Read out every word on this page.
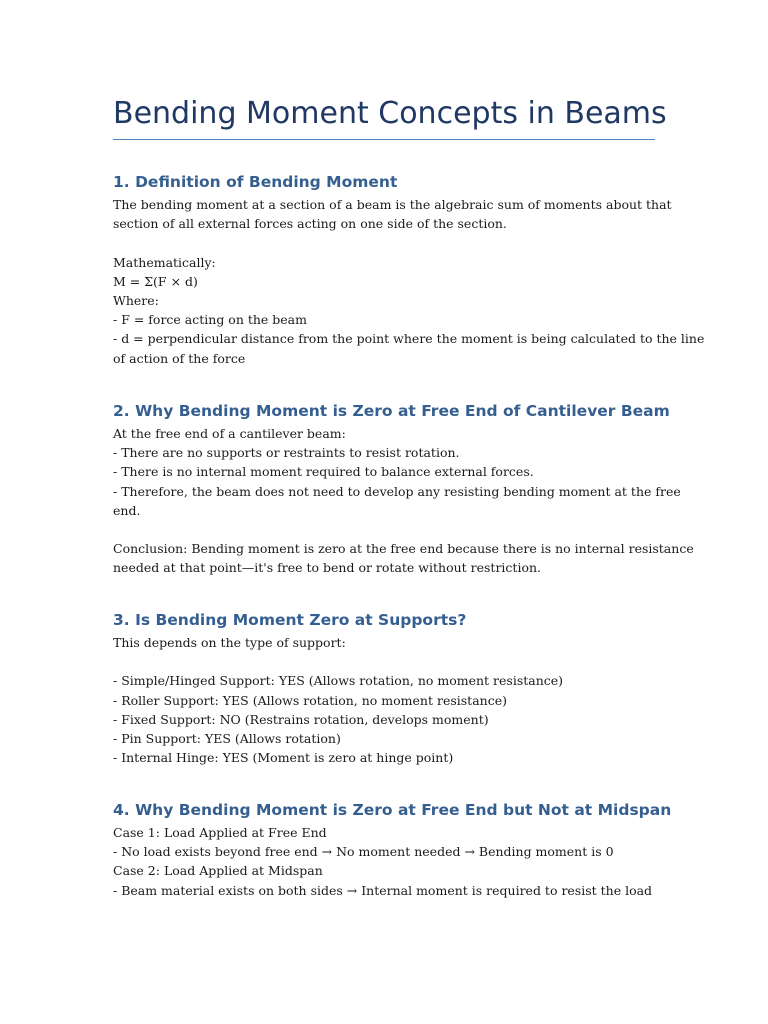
Bending Moment Concepts in Beams
1. Definition of Bending Moment
The bending moment at a section of a beam is the algebraic sum of moments about that
section of all external forces acting on one side of the section.
Mathematically:
M = Σ(F × d)
Where:
- F = force acting on the beam
- d = perpendicular distance from the point where the moment is being calculated to the line
of action of the force
2. Why Bending Moment is Zero at Free End of Cantilever Beam
At the free end of a cantilever beam:
- There are no supports or restraints to resist rotation.
- There is no internal moment required to balance external forces.
- Therefore, the beam does not need to develop any resisting bending moment at the free
end.
Conclusion: Bending moment is zero at the free end because there is no internal resistance
needed at that point—it's free to bend or rotate without restriction.
3. Is Bending Moment Zero at Supports?
This depends on the type of support:
- Simple/Hinged Support: YES (Allows rotation, no moment resistance)
- Roller Support: YES (Allows rotation, no moment resistance)
- Fixed Support: NO (Restrains rotation, develops moment)
- Pin Support: YES (Allows rotation)
- Internal Hinge: YES (Moment is zero at hinge point)
4. Why Bending Moment is Zero at Free End but Not at Midspan
Case 1: Load Applied at Free End
- No load exists beyond free end → No moment needed → Bending moment is 0
Case 2: Load Applied at Midspan
- Beam material exists on both sides → Internal moment is required to resist the load
